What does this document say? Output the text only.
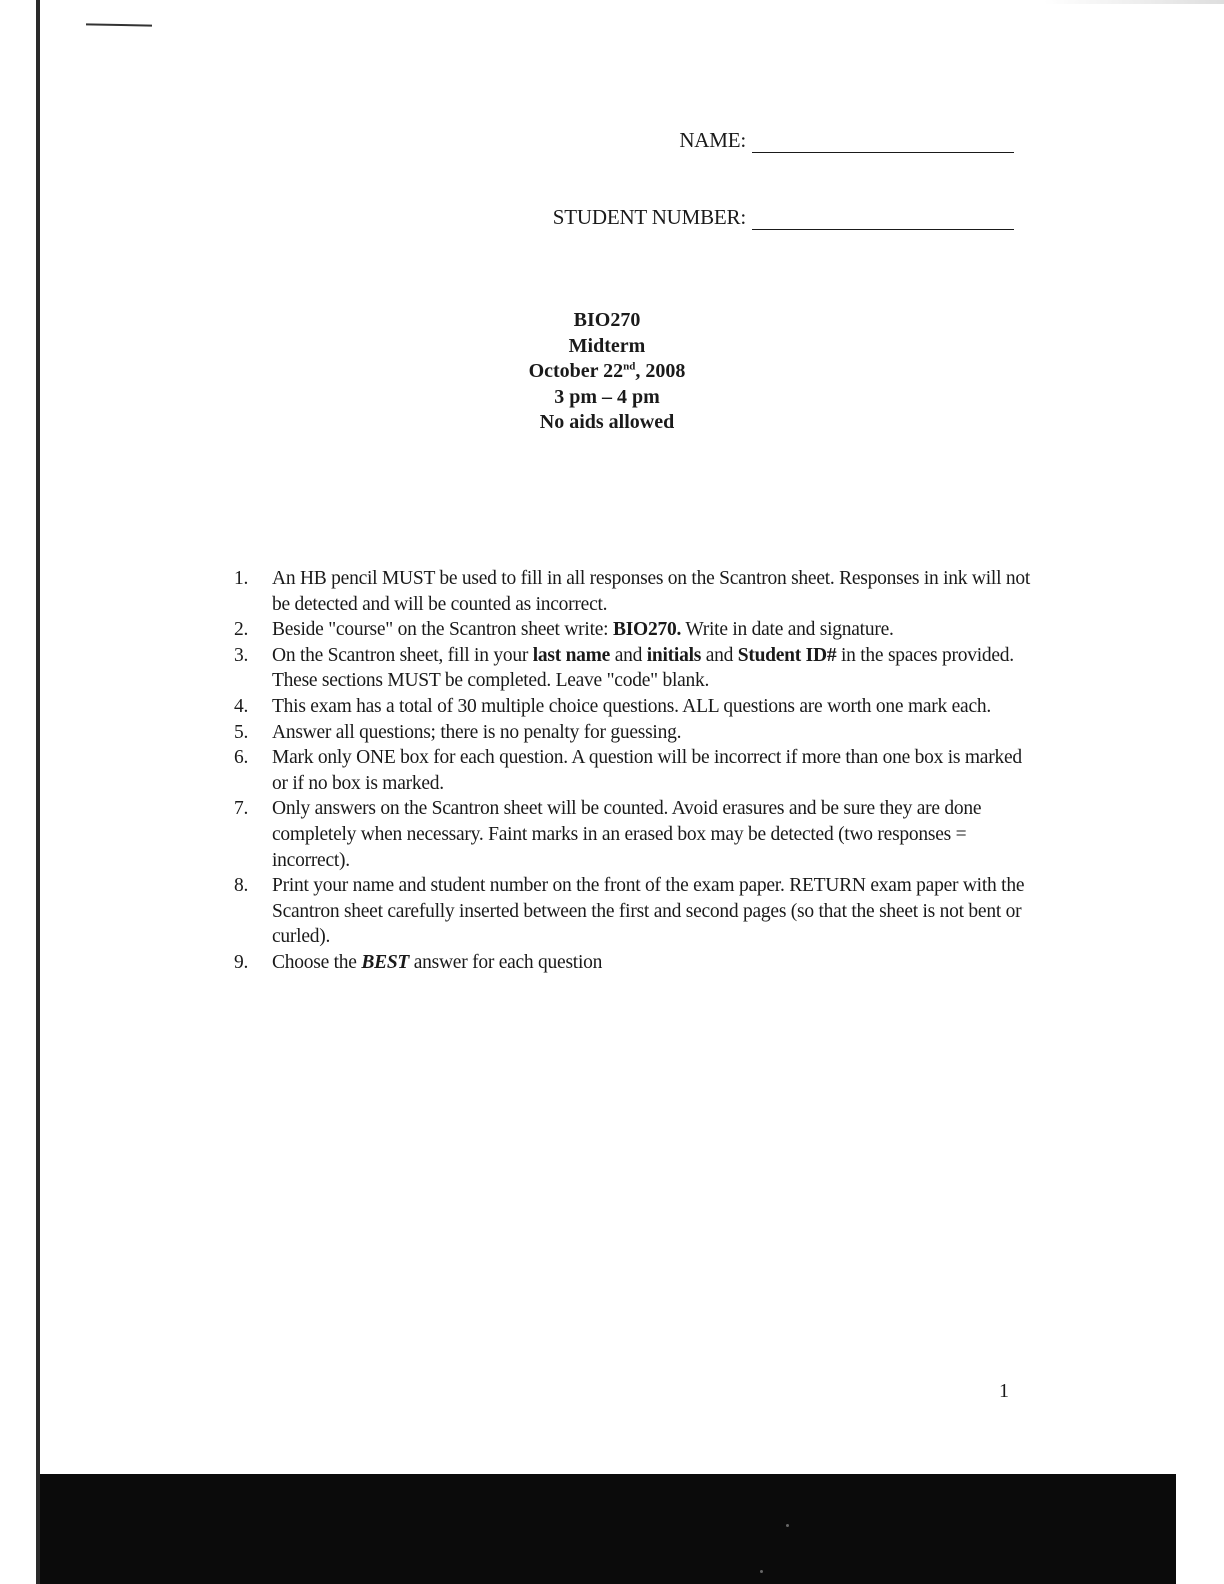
NAME:
STUDENT NUMBER:
BIO270
Midterm
October 22nd, 2008
3 pm – 4 pm
No aids allowed
1.	An HB pencil MUST be used to fill in all responses on the Scantron sheet. Responses in ink will not be detected and will be counted as incorrect.
2.	Beside "course" on the Scantron sheet write: BIO270. Write in date and signature.
3.	On the Scantron sheet, fill in your last name and initials and Student ID# in the spaces provided. These sections MUST be completed. Leave "code" blank.
4.	This exam has a total of 30 multiple choice questions. ALL questions are worth one mark each.
5.	Answer all questions; there is no penalty for guessing.
6.	Mark only ONE box for each question. A question will be incorrect if more than one box is marked or if no box is marked.
7.	Only answers on the Scantron sheet will be counted. Avoid erasures and be sure they are done completely when necessary. Faint marks in an erased box may be detected (two responses = incorrect).
8.	Print your name and student number on the front of the exam paper. RETURN exam paper with the Scantron sheet carefully inserted between the first and second pages (so that the sheet is not bent or curled).
9.	Choose the BEST answer for each question
1
